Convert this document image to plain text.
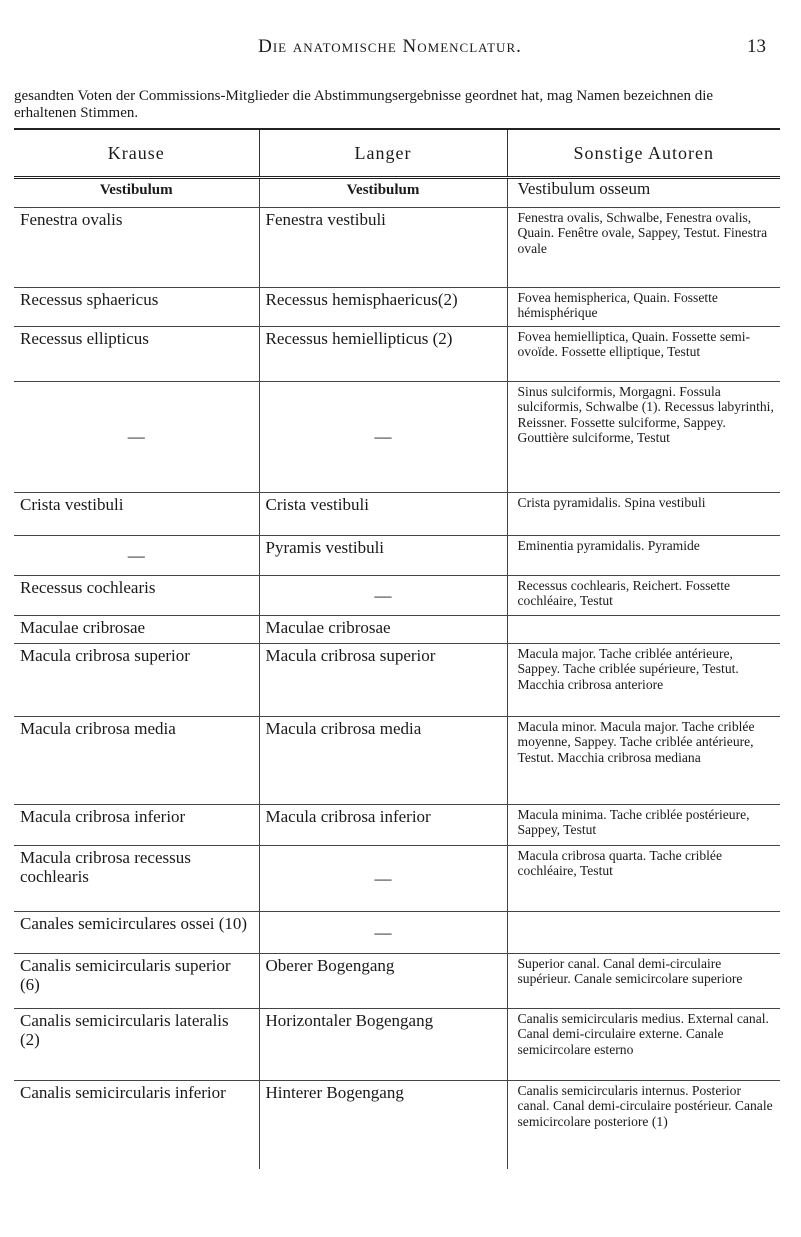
Die anatomische Nomenclatur.	13
gesandten Voten der Commissions-Mitglieder die Abstimmungsergebnisse geordnet hat, mag Namen bezeichnen die erhaltenen Stimmen.
Krause	Langer	Sonstige Autoren
Vestibulum	Vestibulum	Vestibulum osseum
Fenestra ovalis	Fenestra vestibuli	Fenestra ovalis, Schwalbe, Fenestra ovalis, Quain. Fenêtre ovale, Sappey, Testut. Finestra ovale
Recessus sphaericus	Recessus hemisphaericus(2)	Fovea hemispherica, Quain. Fossette hémisphérique
Recessus ellipticus	Recessus hemiellipticus (2)	Fovea hemielliptica, Quain. Fossette semi-ovoïde. Fossette elliptique, Testut
—	—	Sinus sulciformis, Morgagni. Fossula sulciformis, Schwalbe (1). Recessus labyrinthi, Reissner. Fossette sulciforme, Sappey. Gouttière sulciforme, Testut
Crista vestibuli	Crista vestibuli	Crista pyramidalis. Spina vestibuli
—	Pyramis vestibuli	Eminentia pyramidalis. Pyramide
Recessus cochlearis	—	Recessus cochlearis, Reichert. Fossette cochléaire, Testut
Maculae cribrosae	Maculae cribrosae	
Macula cribrosa superior	Macula cribrosa superior	Macula major. Tache criblée antérieure, Sappey. Tache criblée supérieure, Testut. Macchia cribrosa anteriore
Macula cribrosa media	Macula cribrosa media	Macula minor. Macula major. Tache criblée moyenne, Sappey. Tache criblée antérieure, Testut. Macchia cribrosa mediana
Macula cribrosa inferior	Macula cribrosa inferior	Macula minima. Tache criblée postérieure, Sappey, Testut
Macula cribrosa recessus cochlearis	—	Macula cribrosa quarta. Tache criblée cochléaire, Testut
Canales semicirculares ossei (10)	—	
Canalis semicircularis superior (6)	Oberer Bogengang	Superior canal. Canal demi-circulaire supérieur. Canale semicircolare superiore
Canalis semicircularis lateralis (2)	Horizontaler Bogengang	Canalis semicircularis medius. External canal. Canal demi-circulaire externe. Canale semicircolare esterno
Canalis semicircularis inferior	Hinterer Bogengang	Canalis semicircularis internus. Posterior canal. Canal demi-circulaire postérieur. Canale semicircolare posteriore (1)
